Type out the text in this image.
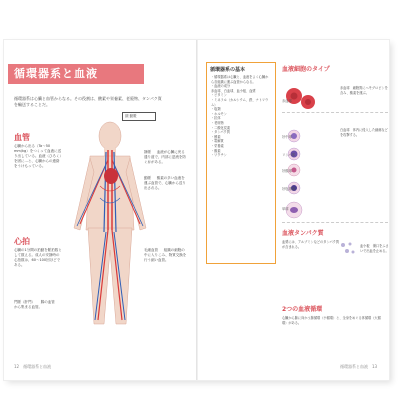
循環器系と血液
循環器系は心臓と血管からなる。その役割は、酸素や栄養素、老廃物、タンパク質を輸送することだ。
血管
心臓から出る（Ta～50 mm/kg）をつくって血液に送り出している。血液（ひろく）を固に…と、心臓からの連絡をうけもっている。
心拍
心臓の1分間の拍動を脈拍数として数える。成人の安静時の心拍数は、60～100回ほどである。
頸 動脈
静脈 　 血液が心臓に戻る通り道で、内部に逆流を防ぐ弁がある。
動脈 　 酸素の多い血液を運ぶ血管で、心臓から送り出される。
毛細血管 　 組織の細胞の中に入りこみ、物質交換を行う細い血管。
門脈（肝門） 　 腸の血管から集まる血管。
12　循環器系と血液
循環器系の基本
・循環器系は心臓と、血液をよく心臓から各組織に運ぶ血管からなる。
・血液の成分
赤血球、白血球、血小板、血漿
・ビタミン
・ミネラル（カルシウム、鉄、ナトリウム）
・塩類
・ホルモン
・抗体
・老廃物
・二酸化炭素
・タンパク質
・酵素
・電解質
・栄養素
・酸素
・ワクチン
血液細胞のタイプ
赤血球
好中球
リンパ球
好酸球
好塩基球
単球
赤血球　細胞質にヘモグロビンを含み、酸素を運ぶ。
白血球　体内に侵入した細菌などを攻撃する。
血液タンパク質
血漿には、アルブミンなどのタンパク質が含まれる。	血小板　傷口をふさいで出血を止める。
2つの血液循環
心臓から肺に向かう肺循環（小循環）と、全身をめぐる体循環（大循環）がある。
循環器系と血液　13
